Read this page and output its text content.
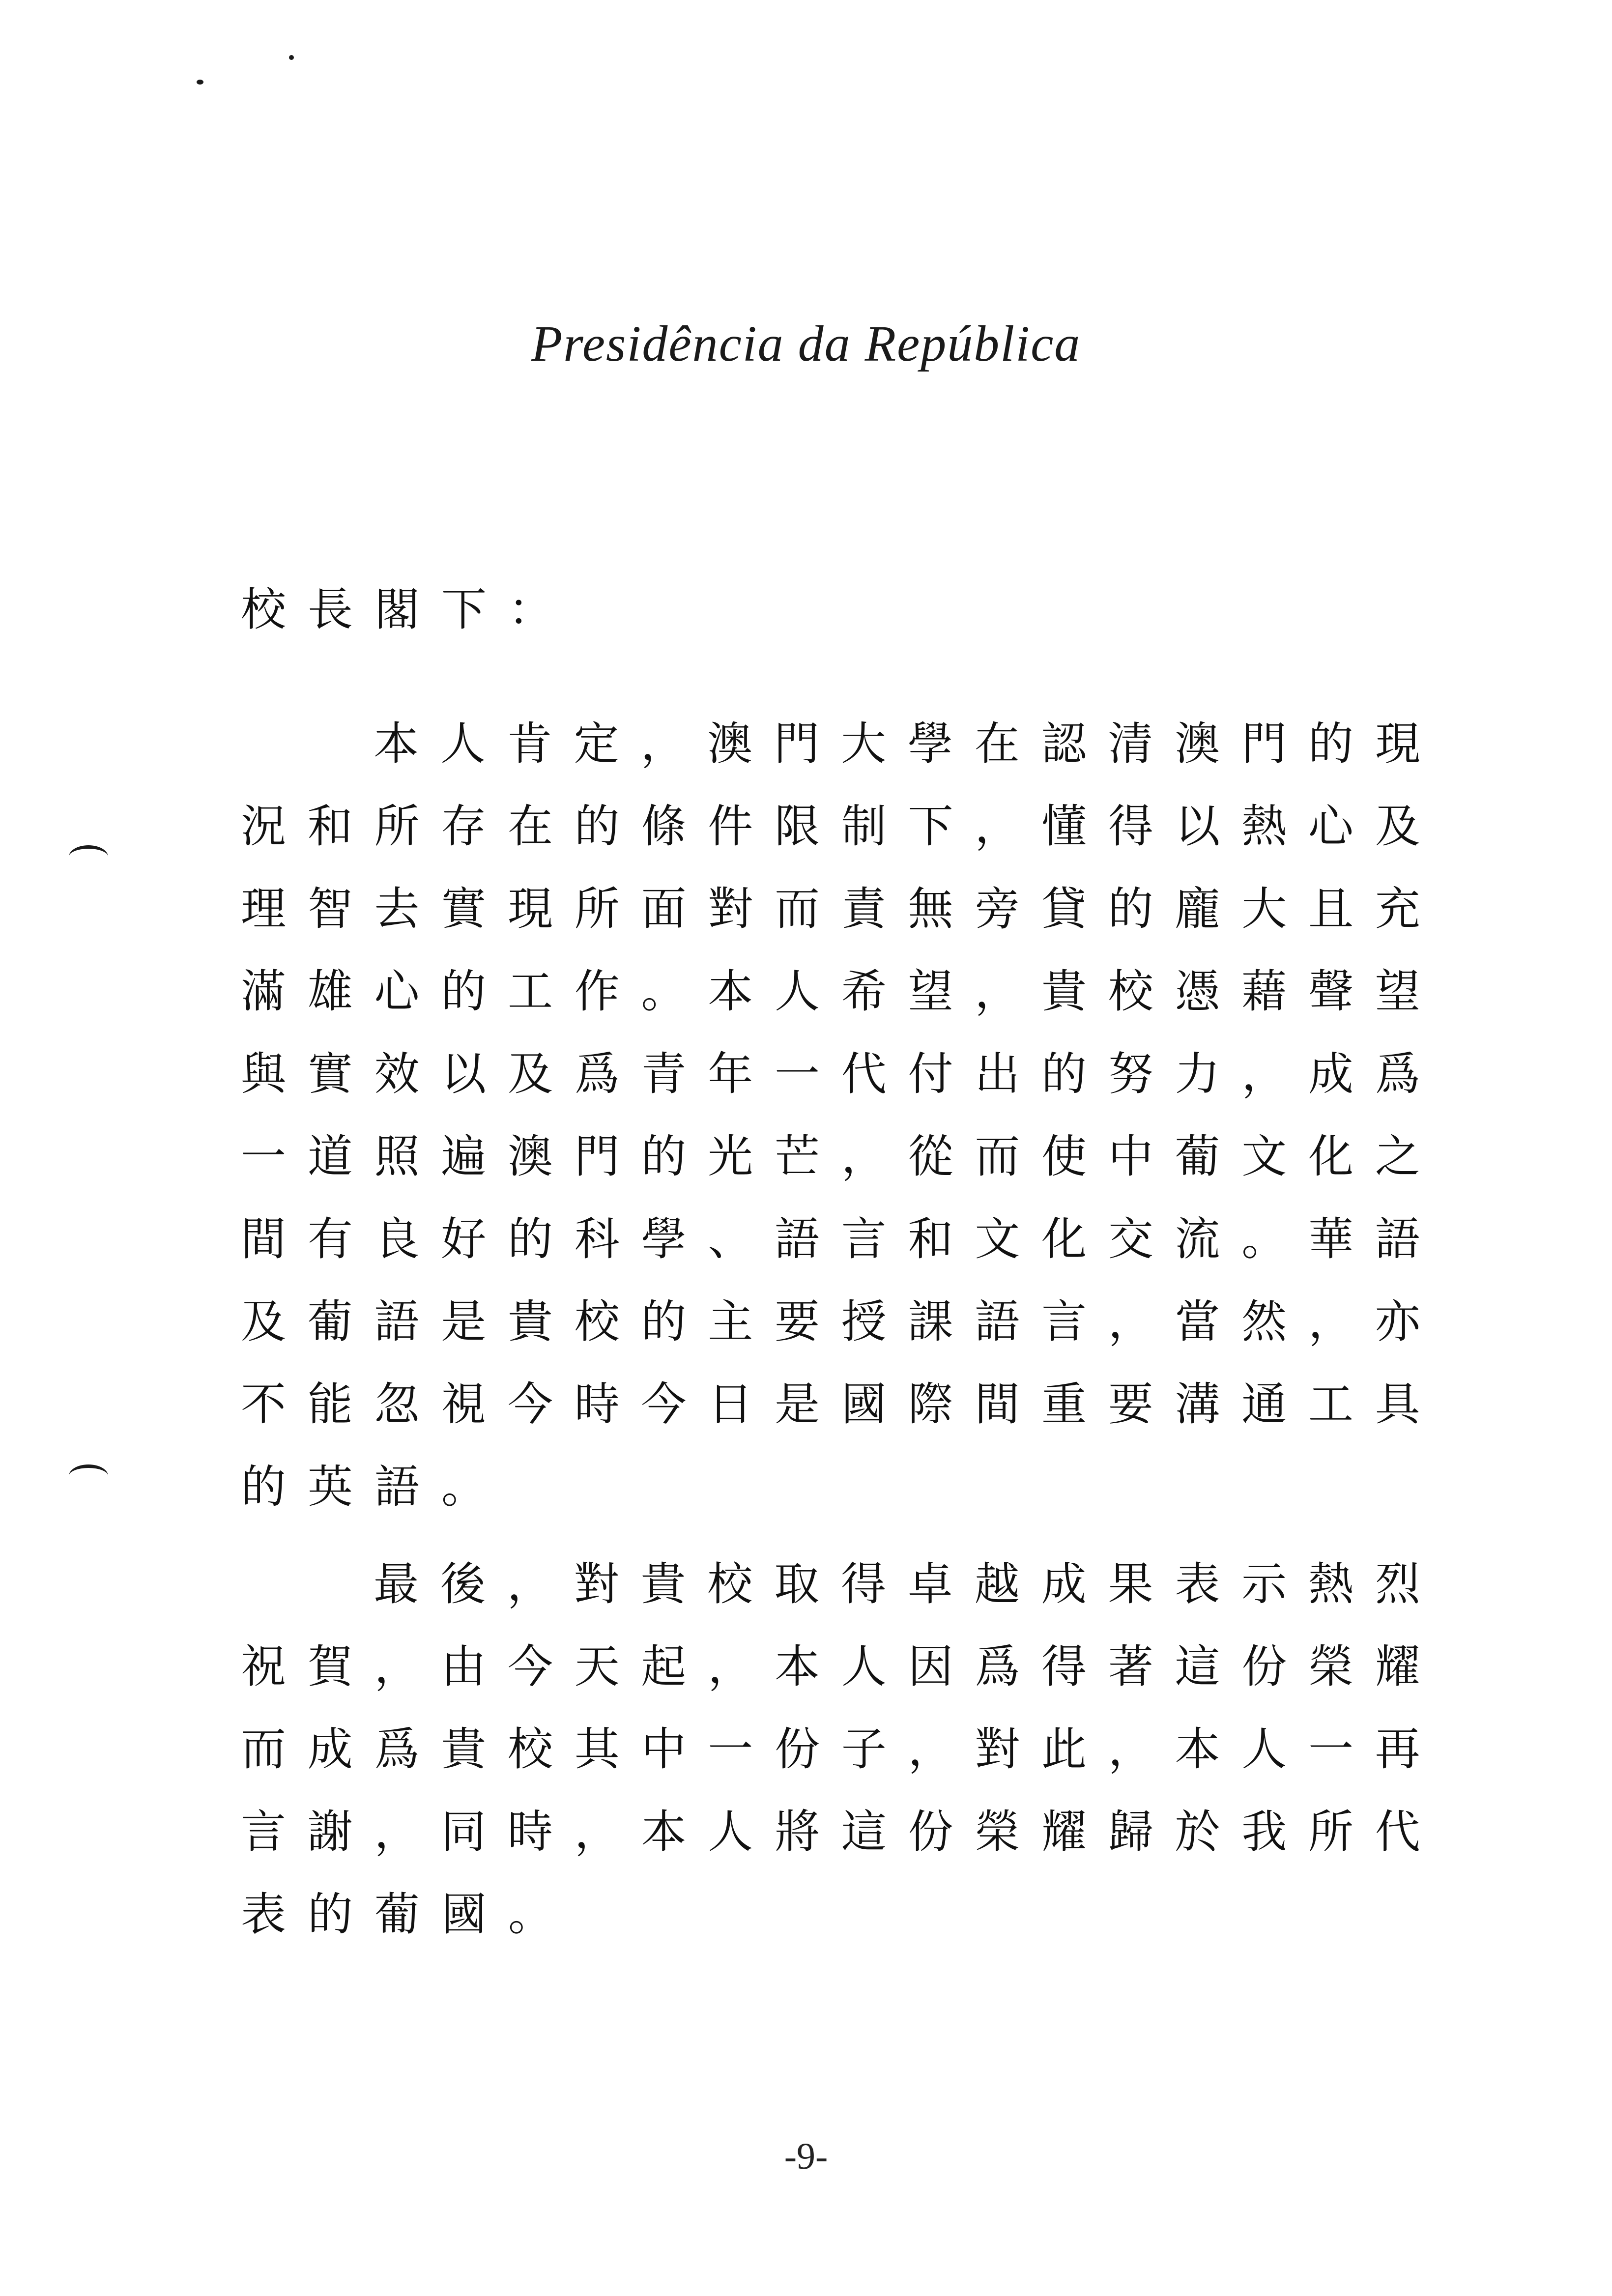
Presidência da República
校長閣下：
本 人 肯 定 ， 澳 門 大 學 在 認 清 澳 門 的 現
況 和 所 存 在 的 條 件 限 制 下 ， 懂 得 以 熱 心 及
理 智 去 實 現 所 面 對 而 責 無 旁 貸 的 龐 大 且 充
滿 雄 心 的 工 作 。 本 人 希 望 ， 貴 校 憑 藉 聲 望
與 實 效 以 及 爲 青 年 一 代 付 出 的 努 力 ， 成 爲
一 道 照 遍 澳 門 的 光 芒 ， 從 而 使 中 葡 文 化 之
間 有 良 好 的 科 學 、 語 言 和 文 化 交 流 。 華 語
及 葡 語 是 貴 校 的 主 要 授 課 語 言 ， 當 然 ， 亦
不 能 忽 視 今 時 今 日 是 國 際 間 重 要 溝 通 工 具
的英語。
最 後 ， 對 貴 校 取 得 卓 越 成 果 表 示 熱 烈
祝 賀 ， 由 今 天 起 ， 本 人 因 爲 得 著 這 份 榮 耀
而 成 爲 貴 校 其 中 一 份 子 ， 對 此 ， 本 人 一 再
言 謝 ， 同 時 ， 本 人 將 這 份 榮 耀 歸 於 我 所 代
表的葡國。
-9-
